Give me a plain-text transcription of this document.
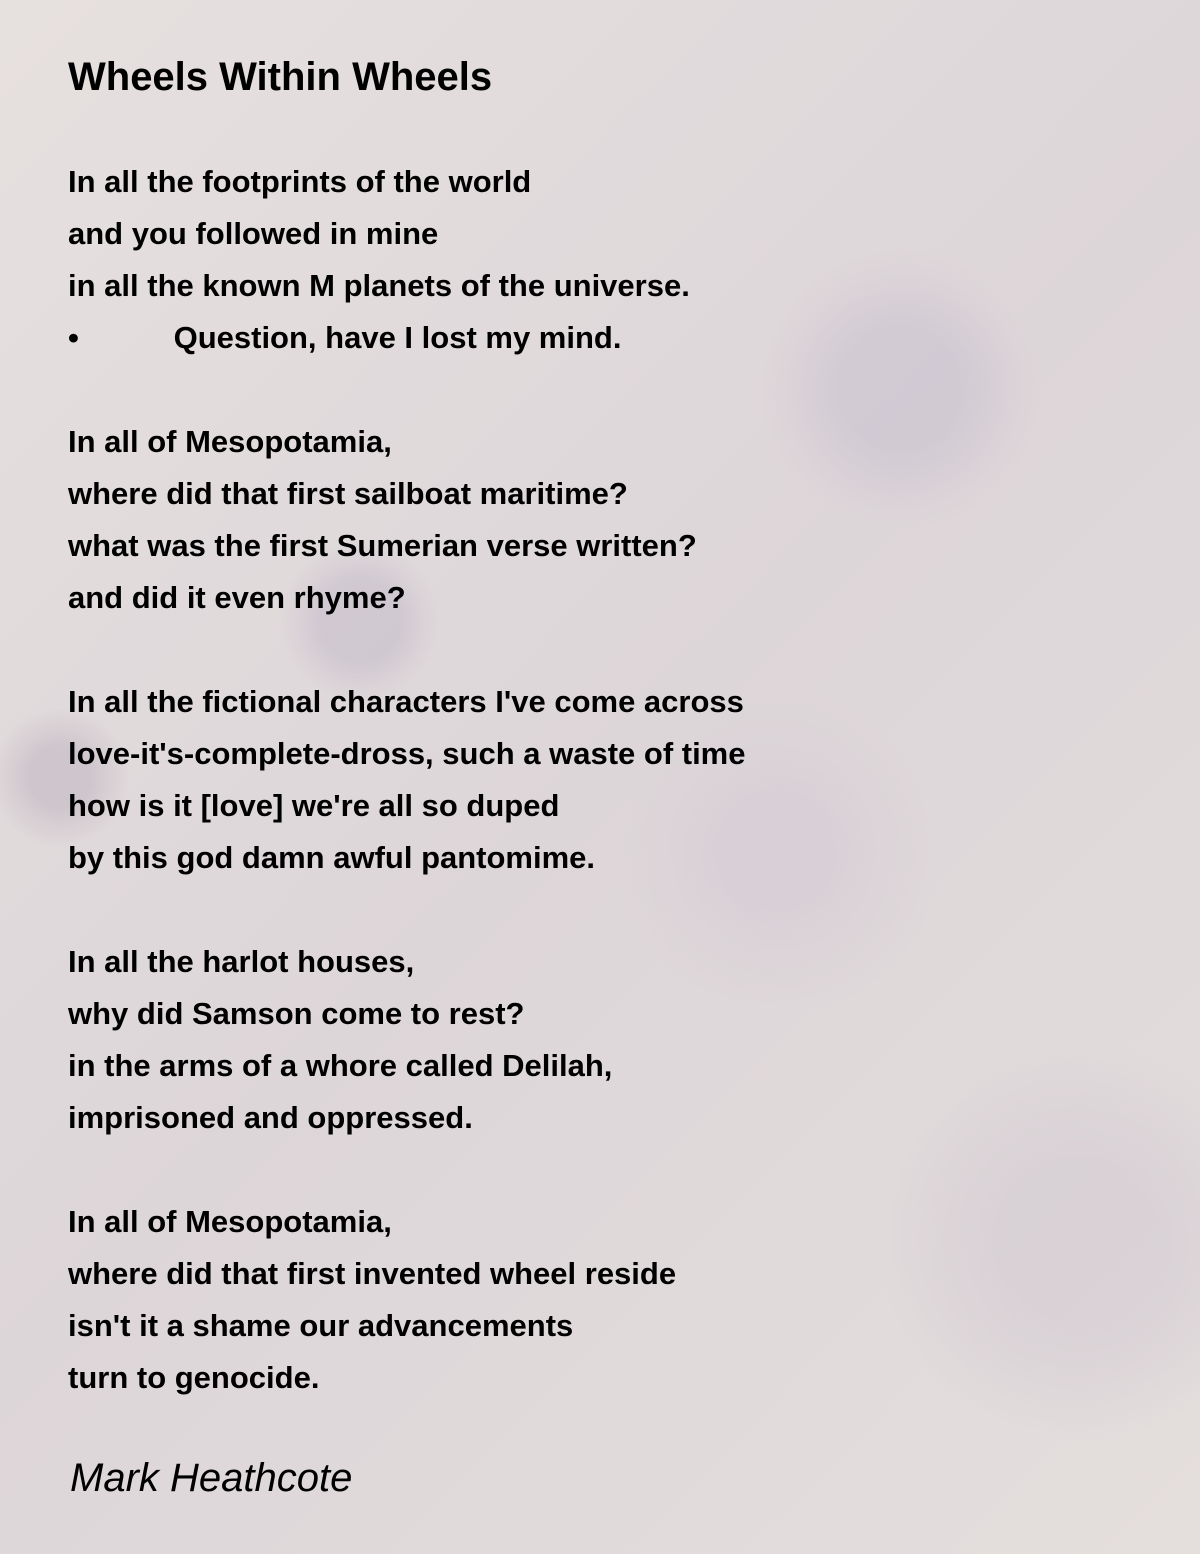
Wheels Within Wheels
In all the footprints of the world
and you followed in mine
in all the known M planets of the universe.
•           Question, have I lost my mind.
In all of Mesopotamia,
where did that first sailboat maritime?
what was the first Sumerian verse written?
and did it even rhyme?
In all the fictional characters I've come across
love-it's-complete-dross, such a waste of time
how is it [love] we're all so duped
by this god damn awful pantomime.
In all the harlot houses,
why did Samson come to rest?
in the arms of a whore called Delilah,
imprisoned and oppressed.
In all of Mesopotamia,
where did that first invented wheel reside
isn't it a shame our advancements
turn to genocide.
Mark Heathcote
